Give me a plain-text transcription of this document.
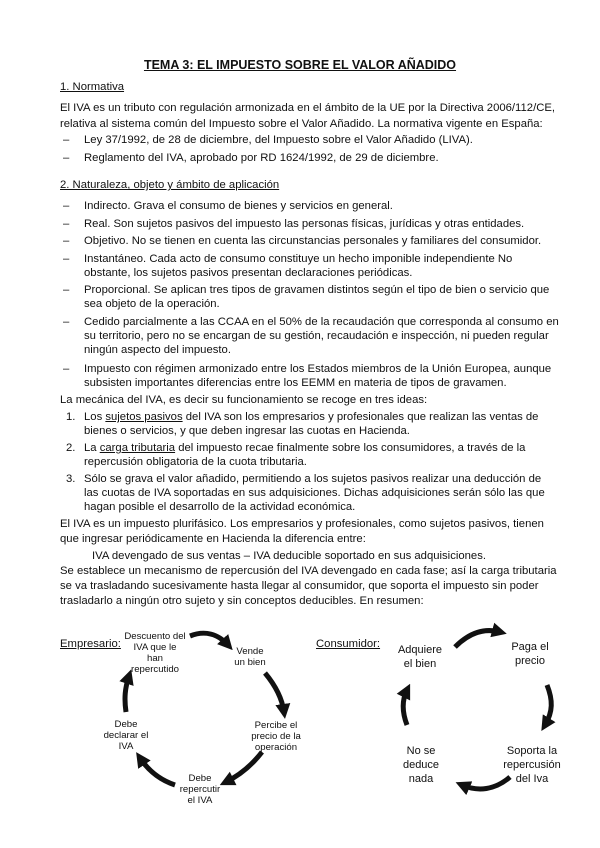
TEMA 3: EL IMPUESTO SOBRE EL VALOR AÑADIDO
1. Normativa
El IVA es un tributo con regulación armonizada en el ámbito de la UE por la Directiva 2006/112/CE,
relativa al sistema común del Impuesto sobre el Valor Añadido. La normativa vigente en España:
– Ley 37/1992, de 28 de diciembre, del Impuesto sobre el Valor Añadido (LIVA).
– Reglamento del IVA, aprobado por RD 1624/1992, de 29 de diciembre.
2. Naturaleza, objeto y ámbito de aplicación
– Indirecto. Grava el consumo de bienes y servicios en general.
– Real. Son sujetos pasivos del impuesto las personas físicas, jurídicas y otras entidades.
– Objetivo. No se tienen en cuenta las circunstancias personales y familiares del consumidor.
– Instantáneo. Cada acto de consumo constituye un hecho imponible independiente No
obstante, los sujetos pasivos presentan declaraciones periódicas.
– Proporcional. Se aplican tres tipos de gravamen distintos según el tipo de bien o servicio que
sea objeto de la operación.
– Cedido parcialmente a las CCAA en el 50% de la recaudación que corresponda al consumo en
su territorio, pero no se encargan de su gestión, recaudación e inspección, ni pueden regular
ningún aspecto del impuesto.
– Impuesto con régimen armonizado entre los Estados miembros de la Unión Europea, aunque
subsisten importantes diferencias entre los EEMM en materia de tipos de gravamen.
La mecánica del IVA, es decir su funcionamiento se recoge en tres ideas:
1. Los sujetos pasivos del IVA son los empresarios y profesionales que realizan las ventas de
bienes o servicios, y que deben ingresar las cuotas en Hacienda.
2. La carga tributaria del impuesto recae finalmente sobre los consumidores, a través de la
repercusión obligatoria de la cuota tributaria.
3. Sólo se grava el valor añadido, permitiendo a los sujetos pasivos realizar una deducción de
las cuotas de IVA soportadas en sus adquisiciones. Dichas adquisiciones serán sólo las que
hagan posible el desarrollo de la actividad económica.
El IVA es un impuesto plurifásico. Los empresarios y profesionales, como sujetos pasivos, tienen
que ingresar periódicamente en Hacienda la diferencia entre:
IVA devengado de sus ventas – IVA deducible soportado en sus adquisiciones.
Se establece un mecanismo de repercusión del IVA devengado en cada fase; así la carga tributaria
se va trasladando sucesivamente hasta llegar al consumidor, que soporta el impuesto sin poder
trasladarlo a ningún otro sujeto y sin conceptos deducibles. En resumen:
Empresario:
Descuento del
IVA que le
han
repercutido
Vende
un bien
Percibe el
precio de la
operación
Debe
repercutir
el IVA
Debe
declarar el
IVA
Consumidor:	Adquiere
el bien
Paga el
precio
Soporta la
repercusión
del Iva
No se
deduce
nada
